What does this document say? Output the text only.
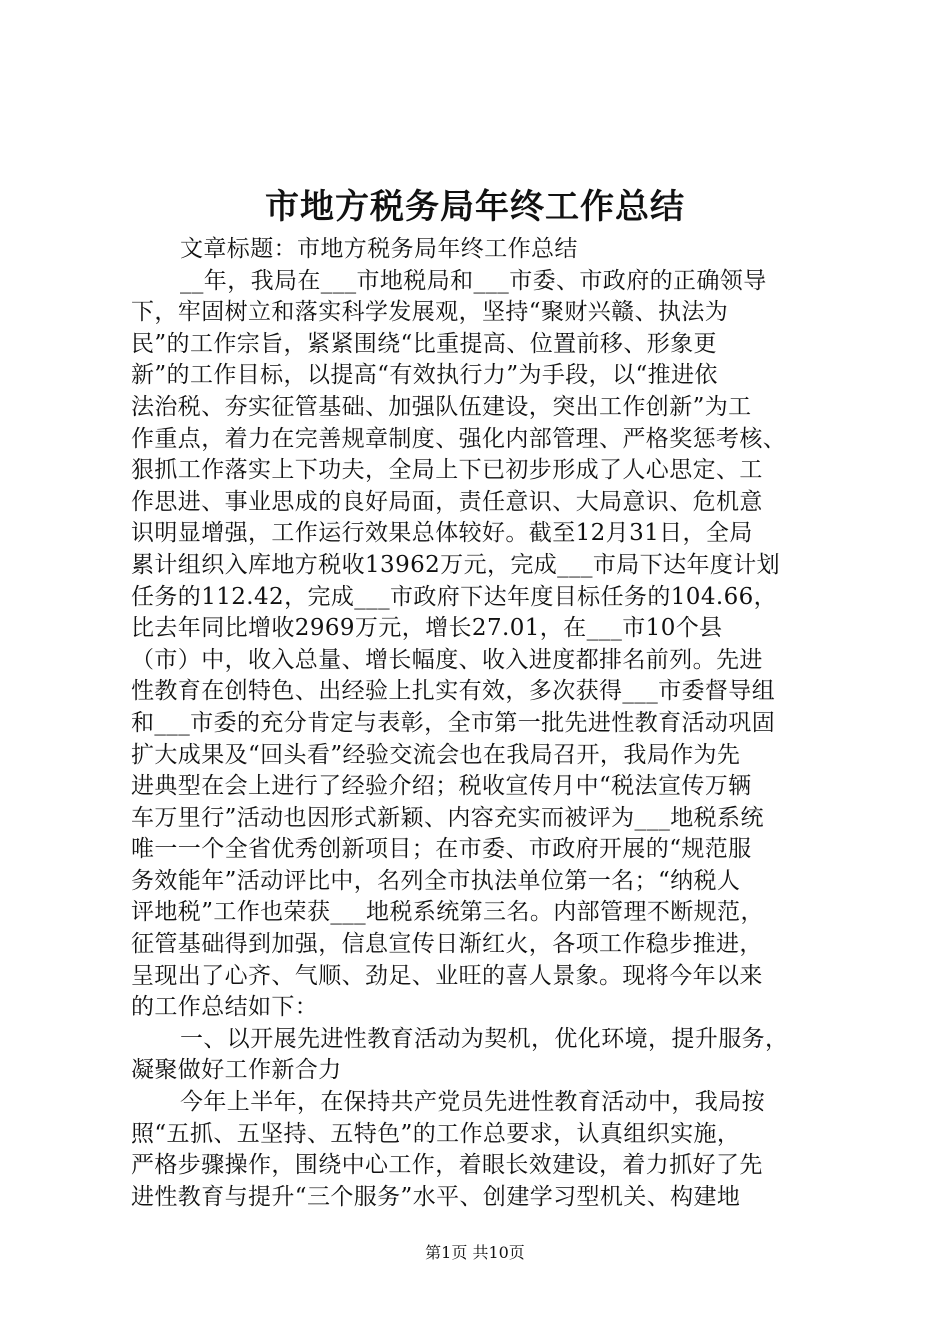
市地方税务局年终工作总结
文章标题：市地方税务局年终工作总结
__年，我局在___市地税局和___市委、市政府的正确领导
下，牢固树立和落实科学发展观，坚持“聚财兴赣、执法为
民”的工作宗旨，紧紧围绕“比重提高、位置前移、形象更
新”的工作目标，以提高“有效执行力”为手段，以“推进依
法治税、夯实征管基础、加强队伍建设，突出工作创新”为工
作重点，着力在完善规章制度、强化内部管理、严格奖惩考核、
狠抓工作落实上下功夫，全局上下已初步形成了人心思定、工
作思进、事业思成的良好局面，责任意识、大局意识、危机意
识明显增强，工作运行效果总体较好。截至12月31日，全局
累计组织入库地方税收13962万元，完成___市局下达年度计划
任务的112.42，完成___市政府下达年度目标任务的104.66，
比去年同比增收2969万元，增长27.01，在___市10个县
（市）中，收入总量、增长幅度、收入进度都排名前列。先进
性教育在创特色、出经验上扎实有效，多次获得___市委督导组
和___市委的充分肯定与表彰，全市第一批先进性教育活动巩固
扩大成果及“回头看”经验交流会也在我局召开，我局作为先
进典型在会上进行了经验介绍；税收宣传月中“税法宣传万辆
车万里行”活动也因形式新颖、内容充实而被评为___地税系统
唯一一个全省优秀创新项目；在市委、市政府开展的“规范服
务效能年”活动评比中，名列全市执法单位第一名；“纳税人
评地税”工作也荣获___地税系统第三名。内部管理不断规范，
征管基础得到加强，信息宣传日渐红火，各项工作稳步推进，
呈现出了心齐、气顺、劲足、业旺的喜人景象。现将今年以来
的工作总结如下：
一、以开展先进性教育活动为契机，优化环境，提升服务，
凝聚做好工作新合力
今年上半年，在保持共产党员先进性教育活动中，我局按
照“五抓、五坚持、五特色”的工作总要求，认真组织实施，
严格步骤操作，围绕中心工作，着眼长效建设，着力抓好了先
进性教育与提升“三个服务”水平、创建学习型机关、构建地
第1页 共10页
